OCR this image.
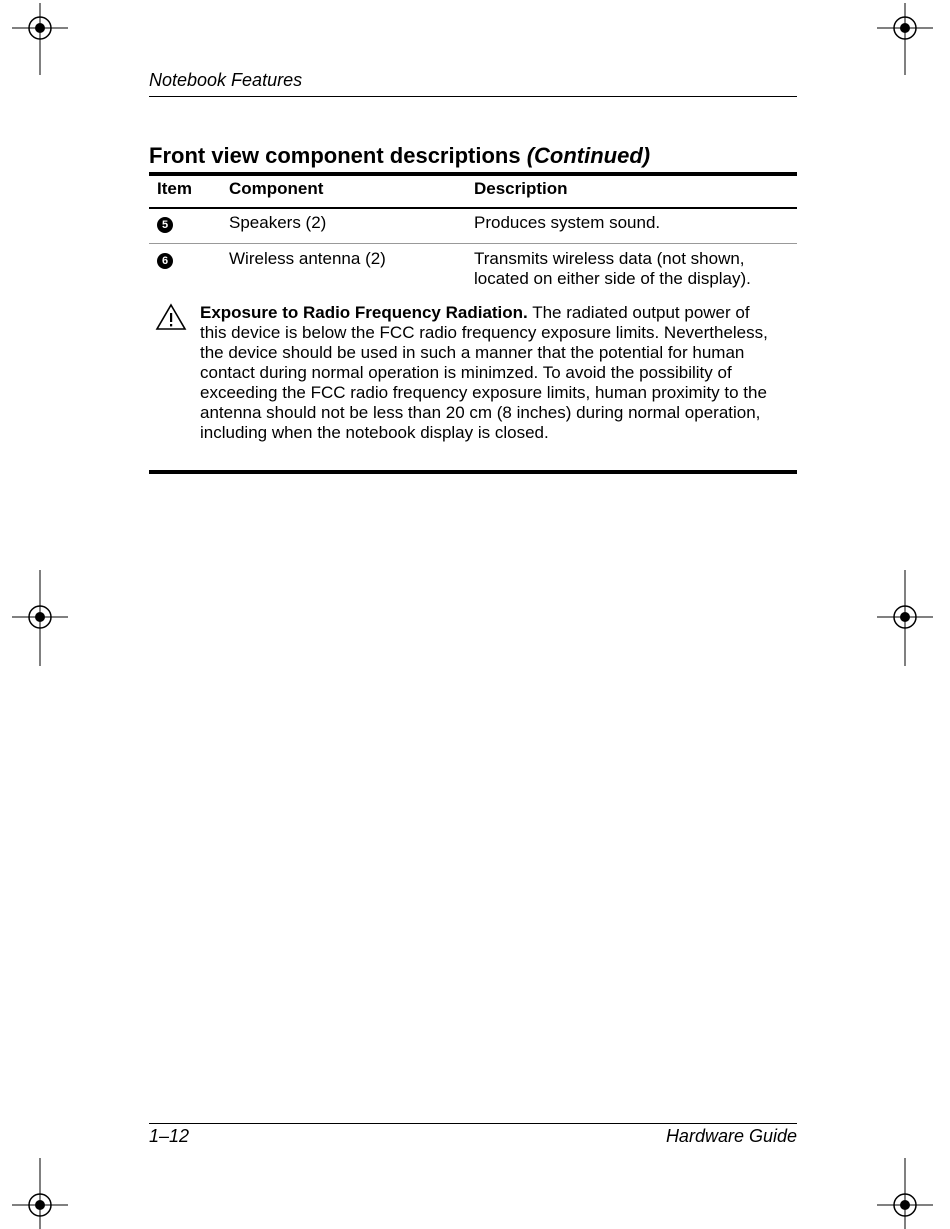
Notebook Features
Front view component descriptions (Continued)
Item Component	Description
5	Speakers (2)	Produces system sound.
6	Wireless antenna (2)	Transmits wireless data (not shown,
located on either side of the display).
Exposure to Radio Frequency Radiation. The radiated output power of this device is below the FCC radio frequency exposure limits. Nevertheless, the device should be used in such a manner that the potential for human contact during normal operation is minimzed. To avoid the possibility of exceeding the FCC radio frequency exposure limits, human proximity to the antenna should not be less than 20 cm (8 inches) during normal operation, including when the notebook display is closed.
1–12	Hardware Guide
